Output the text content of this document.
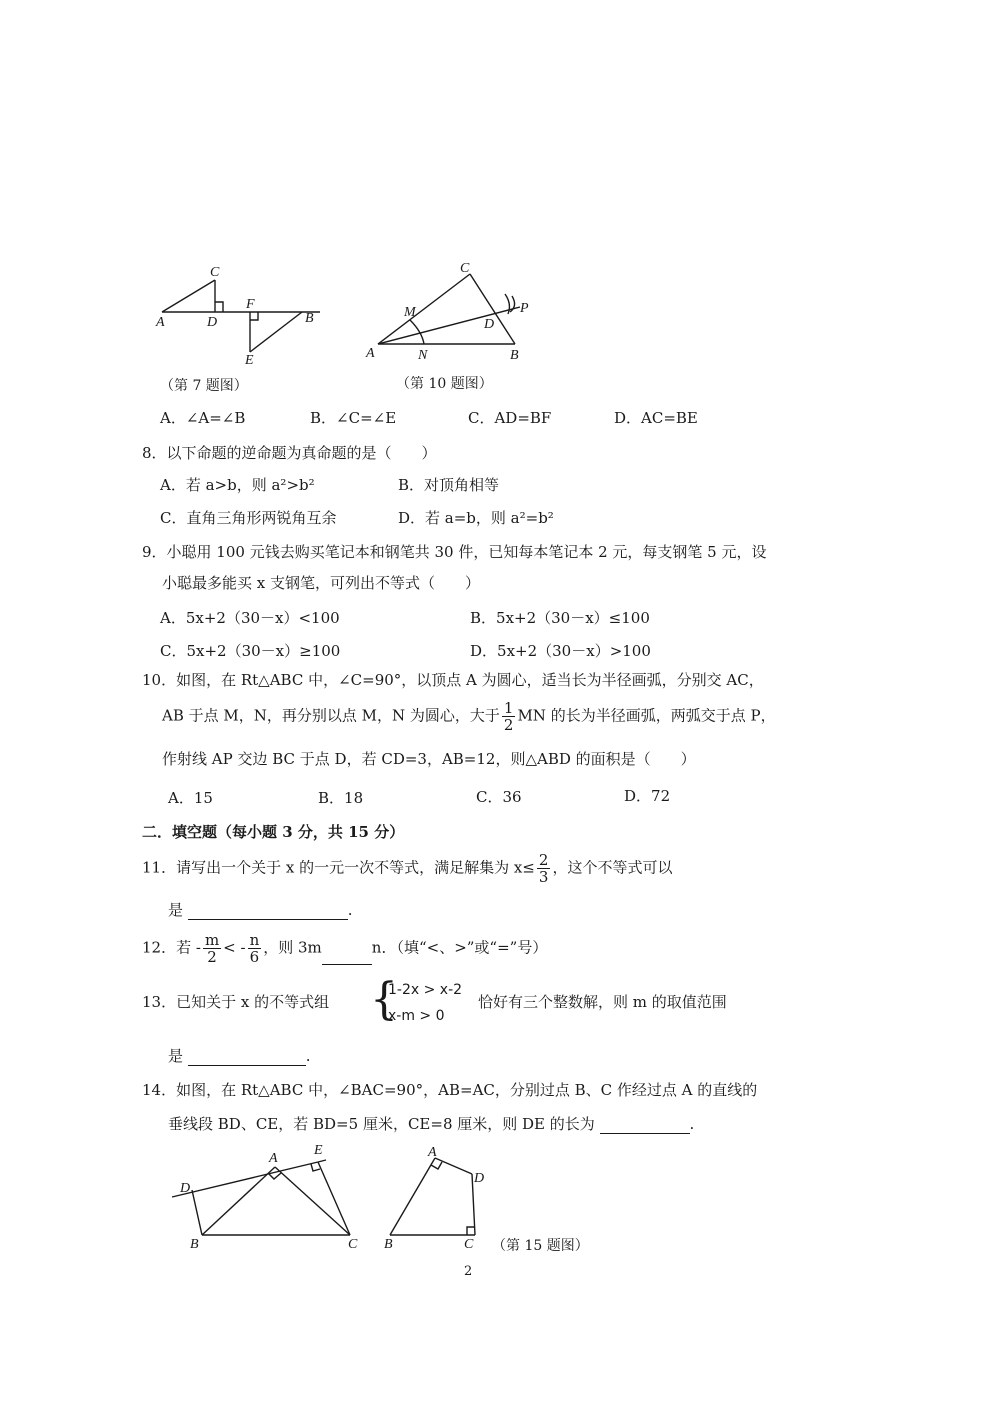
C
A	D
F
B
E
（第 7 题图）
C
M
D
P
A	N	B
（第 10 题图）
A．∠A=∠B	B．∠C=∠E	C．AD=BF	D．AC=BE
8．以下命题的逆命题为真命题的是（　　）
A．若 a>b，则 a²>b²	B．对顶角相等
C．直角三角形两锐角互余	D．若 a=b，则 a²=b²
9．小聪用 100 元钱去购买笔记本和钢笔共 30 件，已知每本笔记本 2 元，每支钢笔 5 元，设
小聪最多能买 x 支钢笔，可列出不等式（　　）
A．5x+2（30－x）<100	B．5x+2（30－x）≤100
C．5x+2（30－x）≥100	D．5x+2（30－x）>100
10．如图，在 Rt△ABC 中，∠C=90°，以顶点 A 为圆心，适当长为半径画弧，分别交 AC，
AB 于点 M，N，再分别以点 M，N 为圆心，大于 $\frac{1}{2}$ MN 的长为半径画弧，两弧交于点 P，
作射线 AP 交边 BC 于点 D，若 CD=3，AB=12，则△ABD 的面积是（　　）
A．15	B．18	C．36	D．72
二．填空题（每小题 3 分，共 15 分）
11．请写出一个关于 x 的一元一次不等式，满足解集为 $x\le \frac{2}{3}$ ，这个不等式可以
是	.
12．若 - $\frac{m}{2}$ < - $\frac{n}{6}$ ，则 3m	n．（填“<、>”或“=”号）
13．已知关于 x 的不等式组 {
1-2x > x-2
x-m > 0
恰好有三个整数解，则 m 的取值范围
是	.
14．如图，在 Rt△ABC 中，∠BAC=90°，AB=AC，分别过点 B、C 作经过点 A 的直线的
垂线段 BD、CE，若 BD=5 厘米，CE=8 厘米，则 DE 的长为	.
A
E
D
B	C
A
D
B	C （第 15 题图）
2
